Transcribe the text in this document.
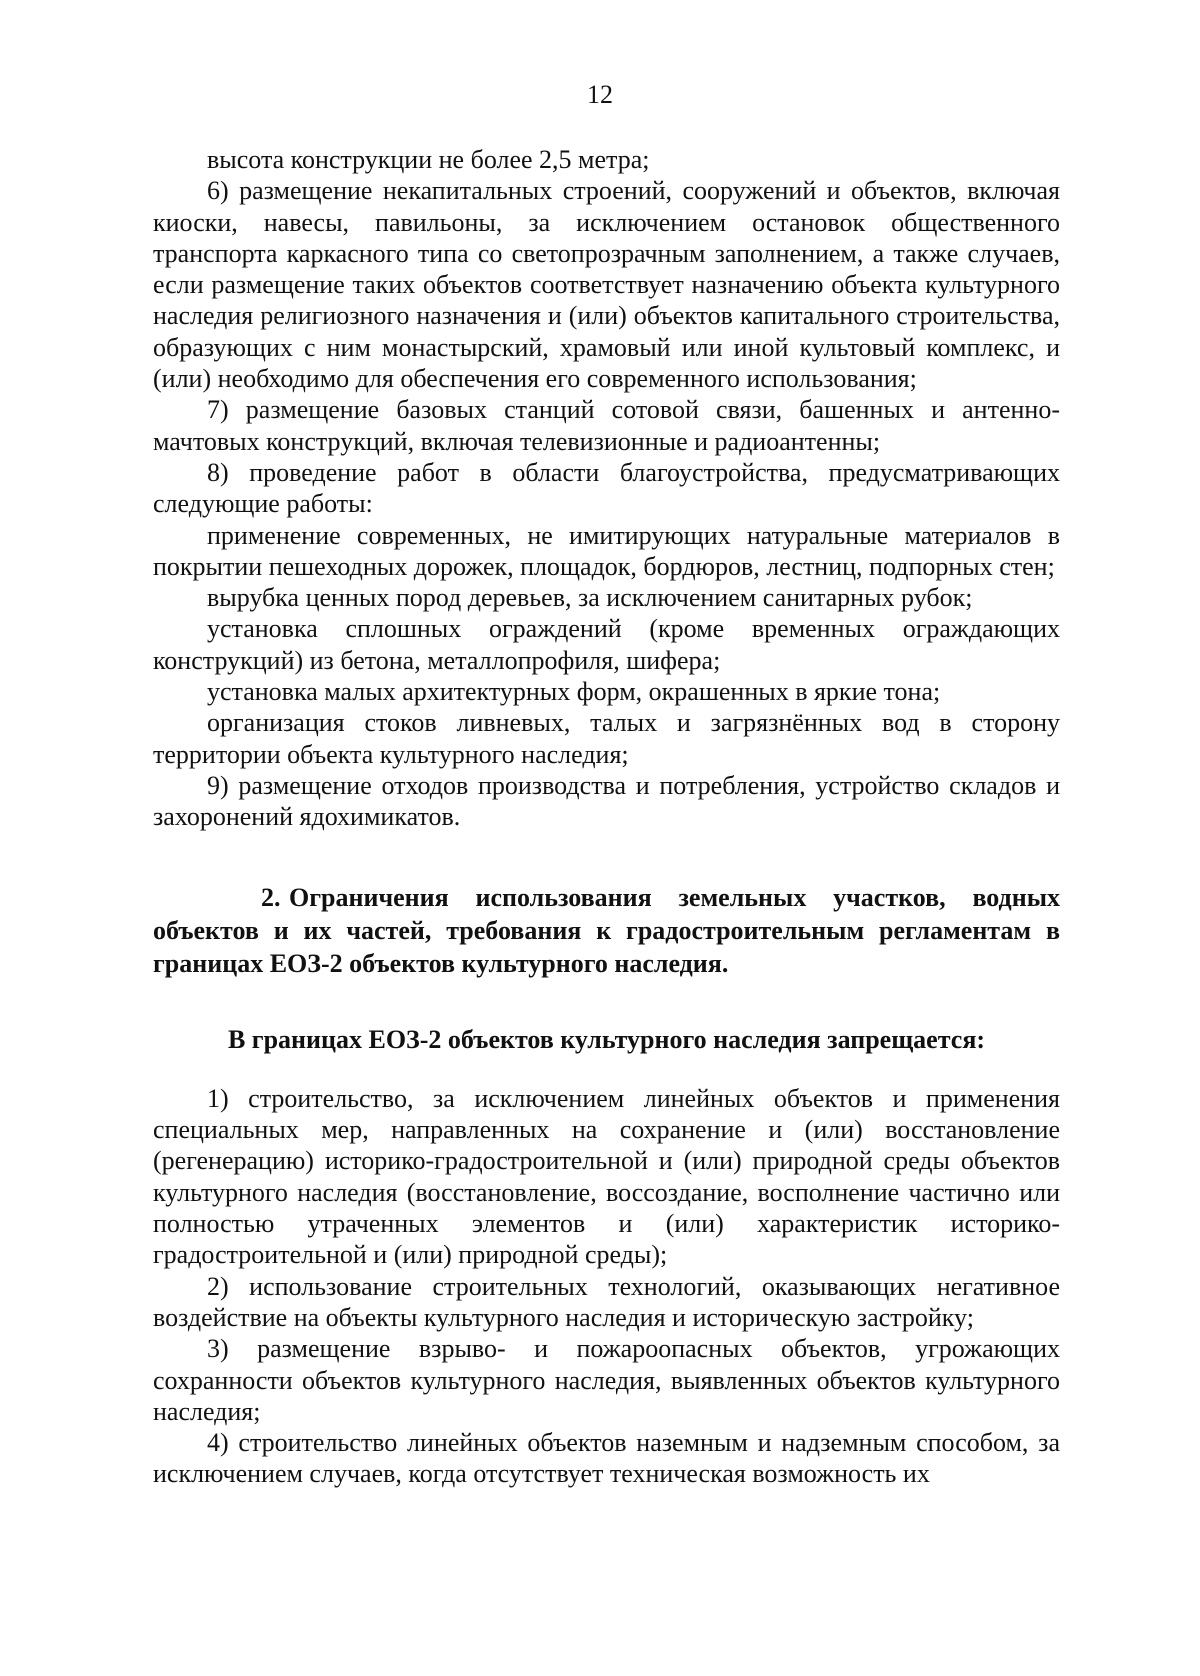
12

высота конструкции не более 2,5 метра;

6) размещение некапитальных строений, сооружений и объектов, включая киоски, навесы, павильоны, за исключением остановок общественного транспорта каркасного типа со светопрозрачным заполнением, а также случаев, если размещение таких объектов соответствует назначению объекта культурного наследия религиозного назначения и (или) объектов капитального строительства, образующих с ним монастырский, храмовый или иной культовый комплекс, и (или) необходимо для обеспечения его современного использования;

7) размещение базовых станций сотовой связи, башенных и антенно-мачтовых конструкций, включая телевизионные и радиоантенны;

8) проведение работ в области благоустройства, предусматривающих следующие работы:

применение современных, не имитирующих натуральные материалов в покрытии пешеходных дорожек, площадок, бордюров, лестниц, подпорных стен;

вырубка ценных пород деревьев, за исключением санитарных рубок;

установка сплошных ограждений (кроме временных ограждающих конструкций) из бетона, металлопрофиля, шифера;

установка малых архитектурных форм, окрашенных в яркие тона;

организация стоков ливневых, талых и загрязнённых вод в сторону территории объекта культурного наследия;

9) размещение отходов производства и потребления, устройство складов и захоронений ядохимикатов.

2. Ограничения использования земельных участков, водных объектов и их частей, требования к градостроительным регламентам в границах ЕОЗ-2 объектов культурного наследия.

В границах ЕОЗ-2 объектов культурного наследия запрещается:

1) строительство, за исключением линейных объектов и применения специальных мер, направленных на сохранение и (или) восстановление (регенерацию) историко-градостроительной и (или) природной среды объектов культурного наследия (восстановление, воссоздание, восполнение частично или полностью утраченных элементов и (или) характеристик историко-градостроительной и (или) природной среды);

2) использование строительных технологий, оказывающих негативное воздействие на объекты культурного наследия и историческую застройку;

3) размещение взрыво- и пожароопасных объектов, угрожающих сохранности объектов культурного наследия, выявленных объектов культурного наследия;

4) строительство линейных объектов наземным и надземным способом, за исключением случаев, когда отсутствует техническая возможность их
